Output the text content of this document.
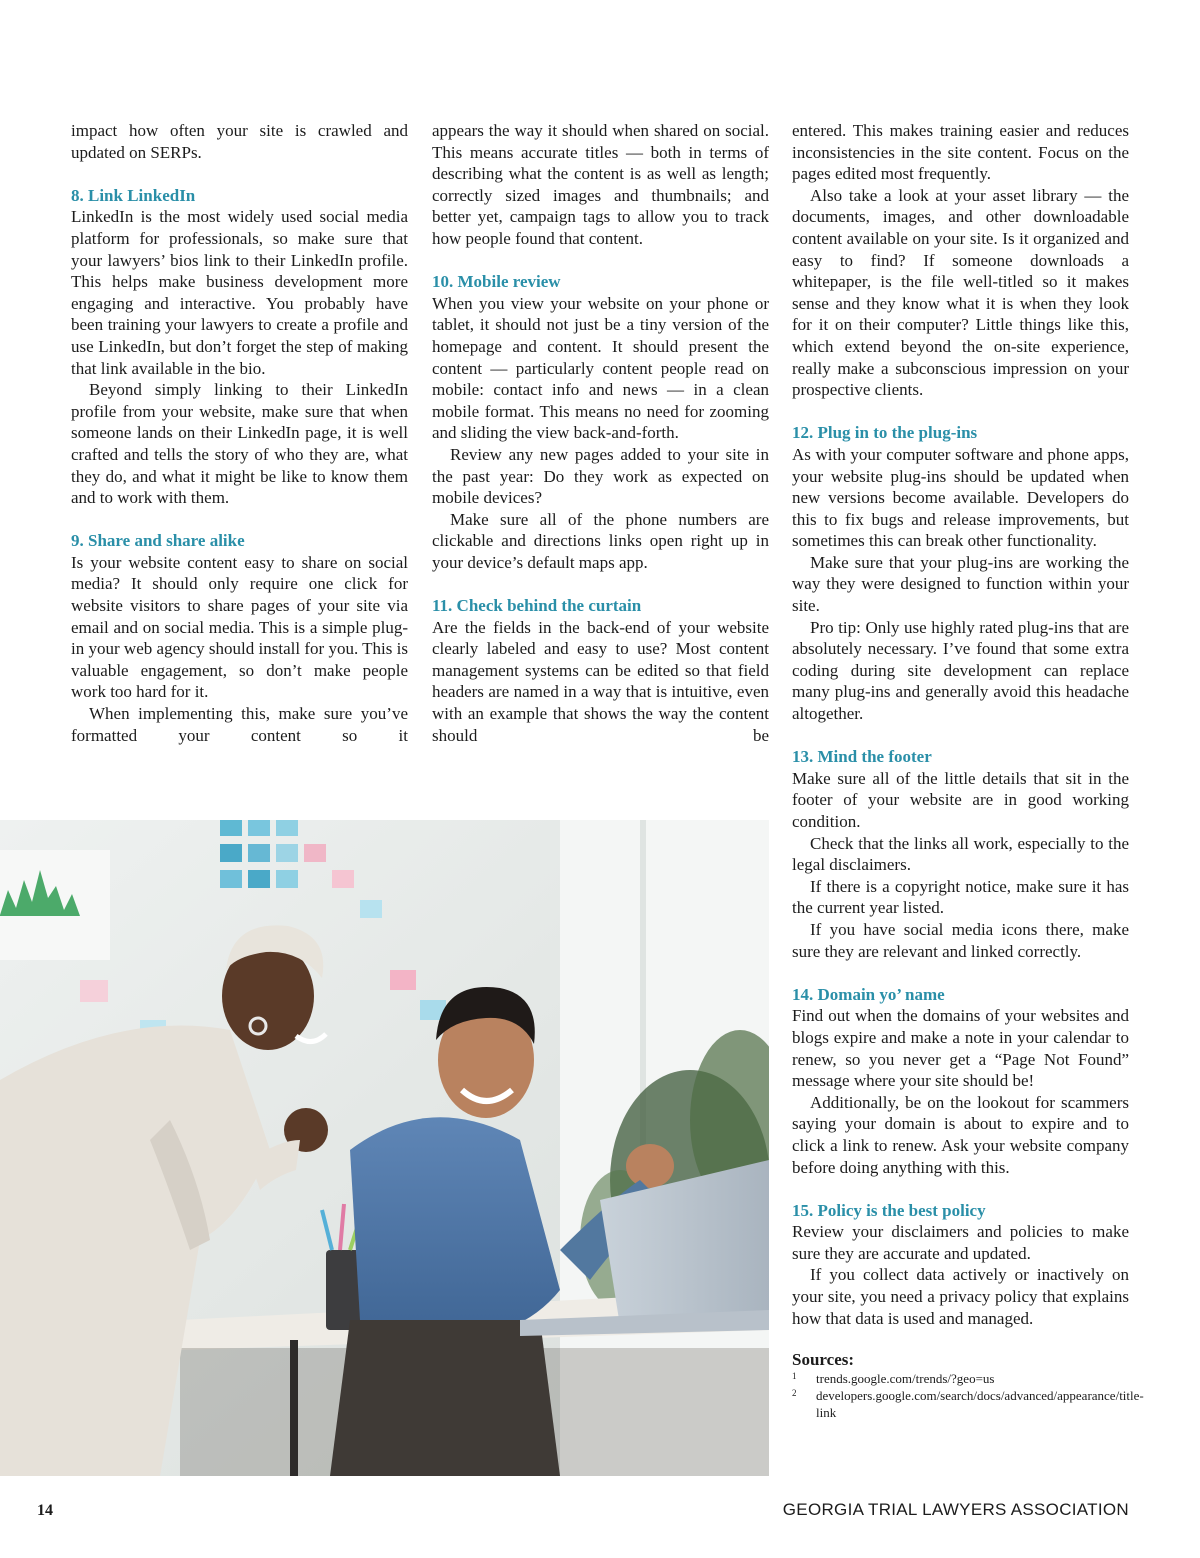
impact how often your site is crawled and updated on SERPs.

8. Link LinkedIn

LinkedIn is the most widely used social media platform for professionals, so make sure that your lawyers’ bios link to their LinkedIn profile. This helps make business development more engaging and interactive. You probably have been training your lawyers to create a profile and use LinkedIn, but don’t forget the step of making that link available in the bio.

Beyond simply linking to their LinkedIn profile from your website, make sure that when someone lands on their LinkedIn page, it is well crafted and tells the story of who they are, what they do, and what it might be like to know them and to work with them.

9. Share and share alike

Is your website content easy to share on social media? It should only require one click for website visitors to share pages of your site via email and on social media. This is a simple plug-in your web agency should install for you. This is valuable engagement, so don’t make people work too hard for it.

When implementing this, make sure you’ve formatted your content so it

appears the way it should when shared on social. This means accurate titles — both in terms of describing what the content is as well as length; correctly sized images and thumbnails; and better yet, campaign tags to allow you to track how people found that content.

10. Mobile review

When you view your website on your phone or tablet, it should not just be a tiny version of the homepage and content. It should present the content — particularly content people read on mobile: contact info and news — in a clean mobile format. This means no need for zooming and sliding the view back-and-forth.

Review any new pages added to your site in the past year: Do they work as expected on mobile devices?

Make sure all of the phone numbers are clickable and directions links open right up in your device’s default maps app.

11. Check behind the curtain

Are the fields in the back-end of your website clearly labeled and easy to use? Most content management systems can be edited so that field headers are named in a way that is intuitive, even with an example that shows the way the content should be

entered. This makes training easier and reduces inconsistencies in the site content. Focus on the pages edited most frequently.

Also take a look at your asset library — the documents, images, and other downloadable content available on your site. Is it organized and easy to find? If someone downloads a whitepaper, is the file well-titled so it makes sense and they know what it is when they look for it on their computer? Little things like this, which extend beyond the on-site experience, really make a subconscious impression on your prospective clients.

12. Plug in to the plug-ins

As with your computer software and phone apps, your website plug-ins should be updated when new versions become available. Developers do this to fix bugs and release improvements, but sometimes this can break other functionality.

Make sure that your plug-ins are working the way they were designed to function within your site.

Pro tip: Only use highly rated plug-ins that are absolutely necessary. I’ve found that some extra coding during site development can replace many plug-ins and generally avoid this headache altogether.

13. Mind the footer

Make sure all of the little details that sit in the footer of your website are in good working condition.

Check that the links all work, especially to the legal disclaimers.

If there is a copyright notice, make sure it has the current year listed.

If you have social media icons there, make sure they are relevant and linked correctly.

14. Domain yo’ name

Find out when the domains of your websites and blogs expire and make a note in your calendar to renew, so you never get a “Page Not Found” message where your site should be!

Additionally, be on the lookout for scammers saying your domain is about to expire and to click a link to renew. Ask your website company before doing anything with this.

15. Policy is the best policy

Review your disclaimers and policies to make sure they are accurate and updated.

If you collect data actively or inactively on your site, you need a privacy policy that explains how that data is used and managed.

Sources:
1 trends.google.com/trends/?geo=us
2 developers.google.com/search/docs/advanced/appearance/title-link
14	GEORGIA TRIAL LAWYERS ASSOCIATION
